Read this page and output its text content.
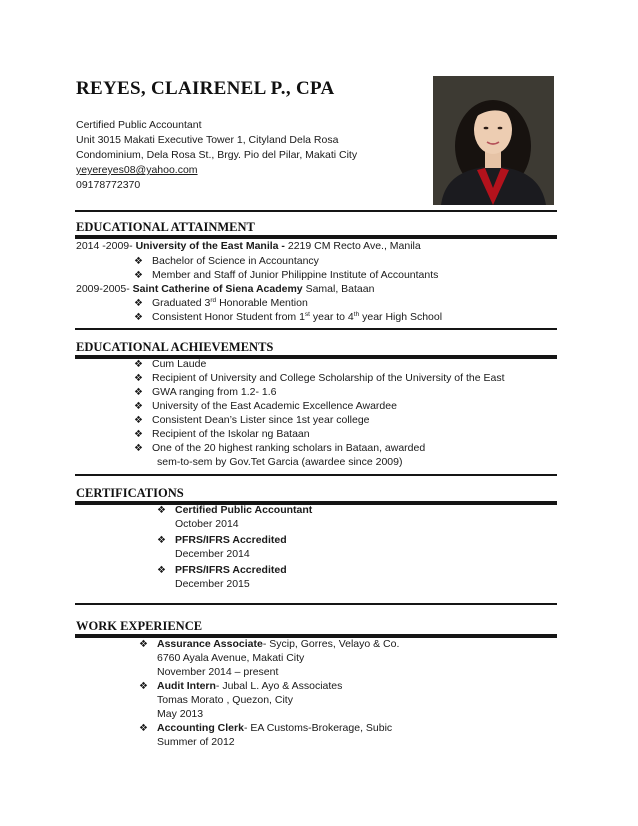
REYES, CLAIRENEL P., CPA
Certified Public Accountant
Unit 3015 Makati Executive Tower 1, Cityland Dela Rosa
Condominium, Dela Rosa St., Brgy. Pio del Pilar, Makati City
yeyereyes08@yahoo.com
09178772370
EDUCATIONAL ATTAINMENT
2014 -2009- University of the East Manila - 2219 CM Recto Ave., Manila
❖ Bachelor of Science in Accountancy
❖ Member and Staff of Junior Philippine Institute of Accountants
2009-2005- Saint Catherine of Siena Academy Samal, Bataan
❖ Graduated 3rd Honorable Mention
❖ Consistent Honor Student from 1st year to 4th year High School
EDUCATIONAL ACHIEVEMENTS
❖ Cum Laude
❖ Recipient of University and College Scholarship of the University of the East
❖ GWA ranging from 1.2- 1.6
❖ University of the East Academic Excellence Awardee
❖ Consistent Dean’s Lister since 1st year college
❖ Recipient of the Iskolar ng Bataan
❖ One of the 20 highest ranking scholars in Bataan, awarded
sem-to-sem by Gov.Tet Garcia (awardee since 2009)
CERTIFICATIONS
❖ Certified Public Accountant
October 2014
❖ PFRS/IFRS Accredited
December 2014
❖ PFRS/IFRS Accredited
December 2015
WORK EXPERIENCE
❖ Assurance Associate- Sycip, Gorres, Velayo & Co.
6760 Ayala Avenue, Makati City
November 2014 – present
❖ Audit Intern- Jubal L. Ayo & Associates
Tomas Morato , Quezon, City
May 2013
❖ Accounting Clerk- EA Customs-Brokerage, Subic
Summer of 2012
